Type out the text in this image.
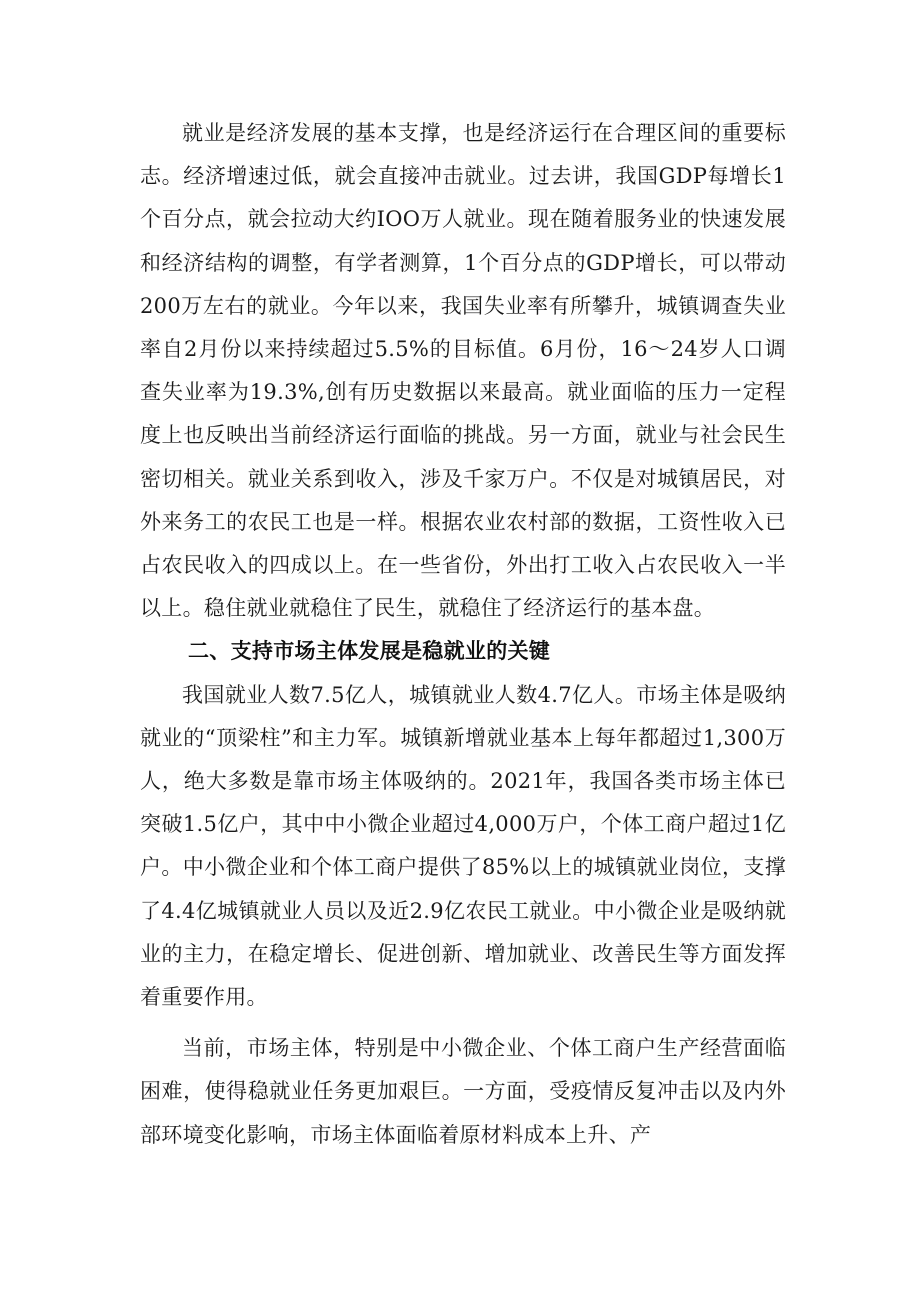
就业是经济发展的基本支撑，也是经济运行在合理区间的重要标志。经济增速过低，就会直接冲击就业。过去讲，我国GDP每增长1个百分点，就会拉动大约IOO万人就业。现在随着服务业的快速发展和经济结构的调整，有学者测算，1个百分点的GDP增长，可以带动200万左右的就业。今年以来，我国失业率有所攀升，城镇调查失业率自2月份以来持续超过5.5%的目标值。6月份，16～24岁人口调查失业率为19.3%,创有历史数据以来最高。就业面临的压力一定程度上也反映出当前经济运行面临的挑战。另一方面，就业与社会民生密切相关。就业关系到收入，涉及千家万户。不仅是对城镇居民，对外来务工的农民工也是一样。根据农业农村部的数据，工资性收入已占农民收入的四成以上。在一些省份，外出打工收入占农民收入一半以上。稳住就业就稳住了民生，就稳住了经济运行的基本盘。

二、支持市场主体发展是稳就业的关键

我国就业人数7.5亿人，城镇就业人数4.7亿人。市场主体是吸纳就业的“顶梁柱”和主力军。城镇新增就业基本上每年都超过1,300万人，绝大多数是靠市场主体吸纳的。2021年，我国各类市场主体已突破1.5亿户，其中中小微企业超过4,000万户，个体工商户超过1亿户。中小微企业和个体工商户提供了85%以上的城镇就业岗位，支撑了4.4亿城镇就业人员以及近2.9亿农民工就业。中小微企业是吸纳就业的主力，在稳定增长、促进创新、增加就业、改善民生等方面发挥着重要作用。

当前，市场主体，特别是中小微企业、个体工商户生产经营面临困难，使得稳就业任务更加艰巨。一方面，受疫情反复冲击以及内外部环境变化影响，市场主体面临着原材料成本上升、产
